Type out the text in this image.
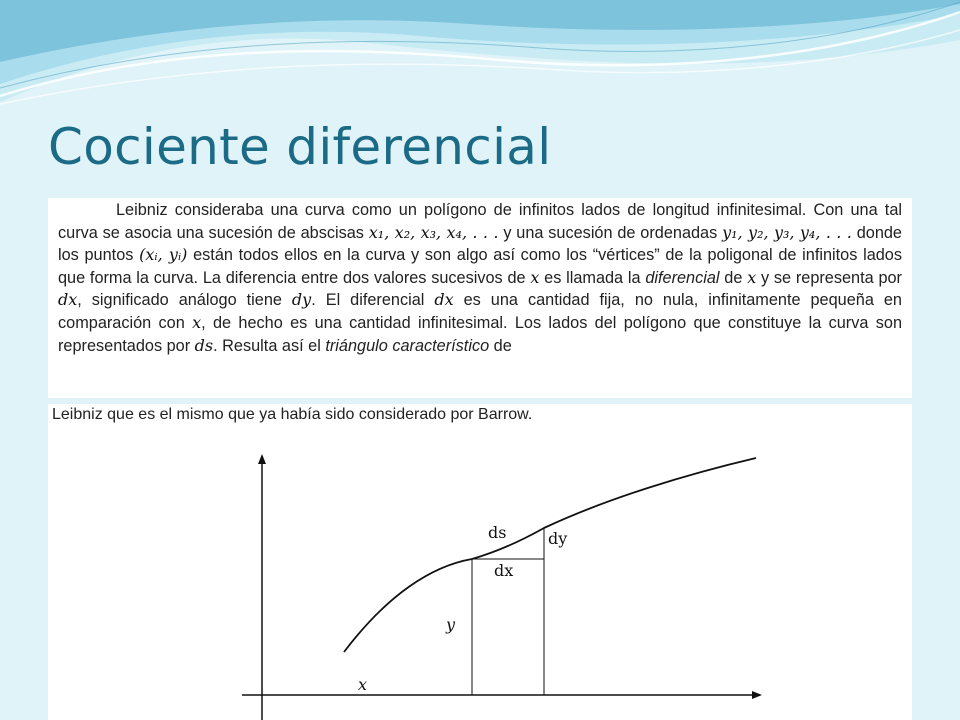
Cociente diferencial

Leibniz consideraba una curva como un polígono de infinitos lados de longitud infinitesimal. Con una tal curva se asocia una sucesión de abscisas x₁, x₂, x₃, x₄, . . . y una sucesión de ordenadas y₁, y₂, y₃, y₄, . . . donde los puntos (xᵢ, yᵢ) están todos ellos en la curva y son algo así como los “vértices” de la poligonal de infinitos lados que forma la curva. La diferencia entre dos valores sucesivos de x es llamada la diferencial de x y se representa por dx, significado análogo tiene dy. El diferencial dx es una cantidad fija, no nula, infinitamente pequeña en comparación con x, de hecho es una cantidad infinitesimal. Los lados del polígono que constituye la curva son representados por ds. Resulta así el triángulo característico de

ds	dy
dx
y
x

Leibniz que es el mismo que ya había sido considerado por Barrow.
